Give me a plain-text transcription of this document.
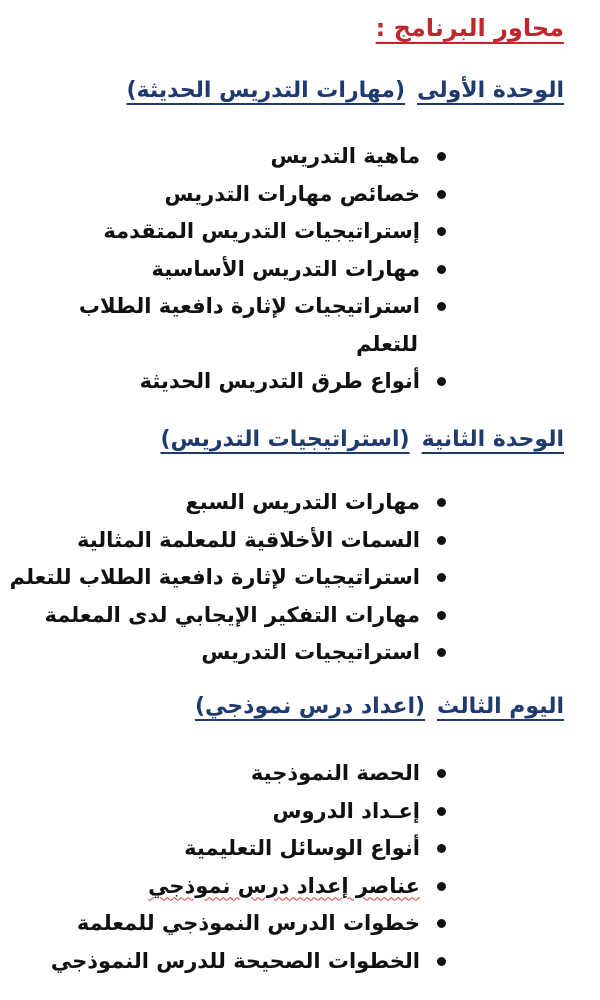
محاور البرنامج :
الوحدة الأولى(مهارات التدريس الحديثة)
ماهية التدريس
خصائص مهارات التدريس
إستراتيجيات التدريس المتقدمة
مهارات التدريس الأساسية
استراتيجيات لإثارة دافعية الطلاب
للتعلم
أنواع طرق التدريس الحديثة
الوحدة الثانية(استراتيجيات التدريس)
مهارات التدريس السبع
السمات الأخلاقية للمعلمة المثالية
استراتيجيات لإثارة دافعية الطلاب للتعلم
مهارات التفكير الإيجابي لدى المعلمة
استراتيجيات التدريس
اليوم الثالث(اعداد درس نموذجي)
الحصة النموذجية
إعـداد الدروس
أنواع الوسائل التعليمية
عناصر إعداد درس نموذجي
خطوات الدرس النموذجي للمعلمة
الخطوات الصحيحة للدرس النموذجي
